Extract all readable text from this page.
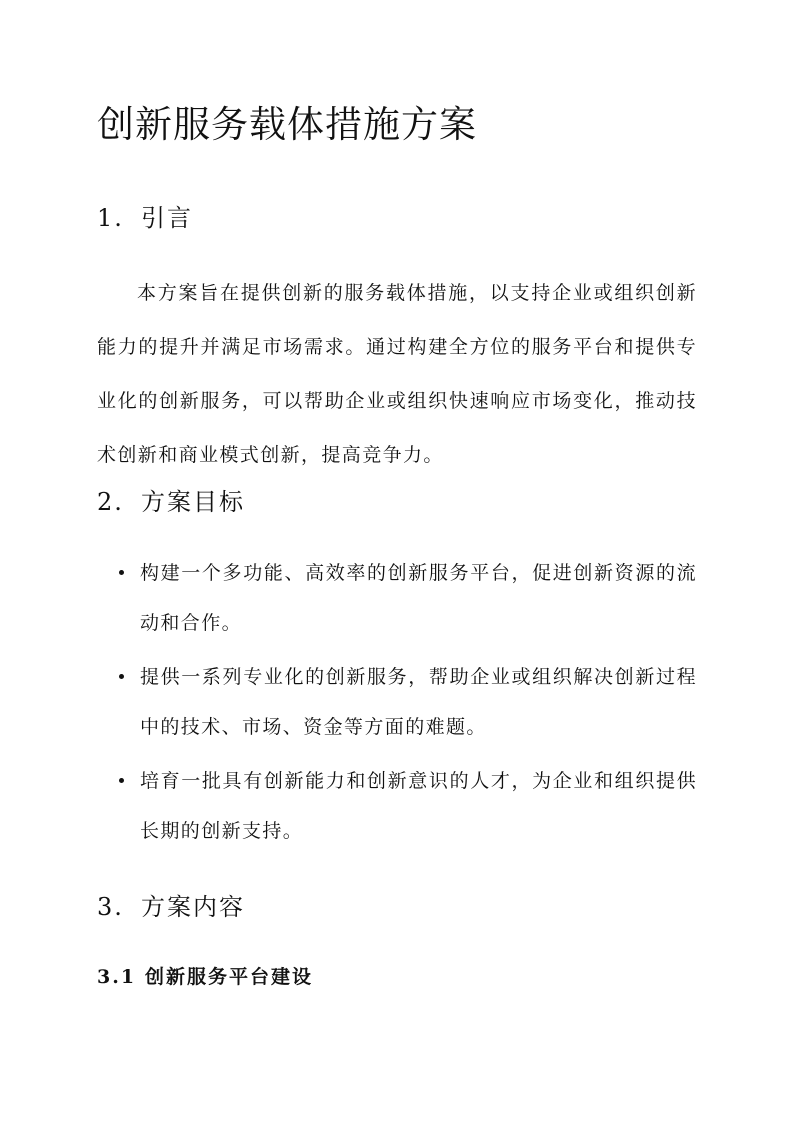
创新服务载体措施方案
1. 引言

本方案旨在提供创新的服务载体措施，以支持企业或组织创新能力的提升并满足市场需求。通过构建全方位的服务平台和提供专业化的创新服务，可以帮助企业或组织快速响应市场变化，推动技术创新和商业模式创新，提高竞争力。

2. 方案目标
构建一个多功能、高效率的创新服务平台，促进创新资源的流动和合作。
提供一系列专业化的创新服务，帮助企业或组织解决创新过程中的技术、市场、资金等方面的难题。
培育一批具有创新能力和创新意识的人才，为企业和组织提供长期的创新支持。
3. 方案内容
3.1 创新服务平台建设
